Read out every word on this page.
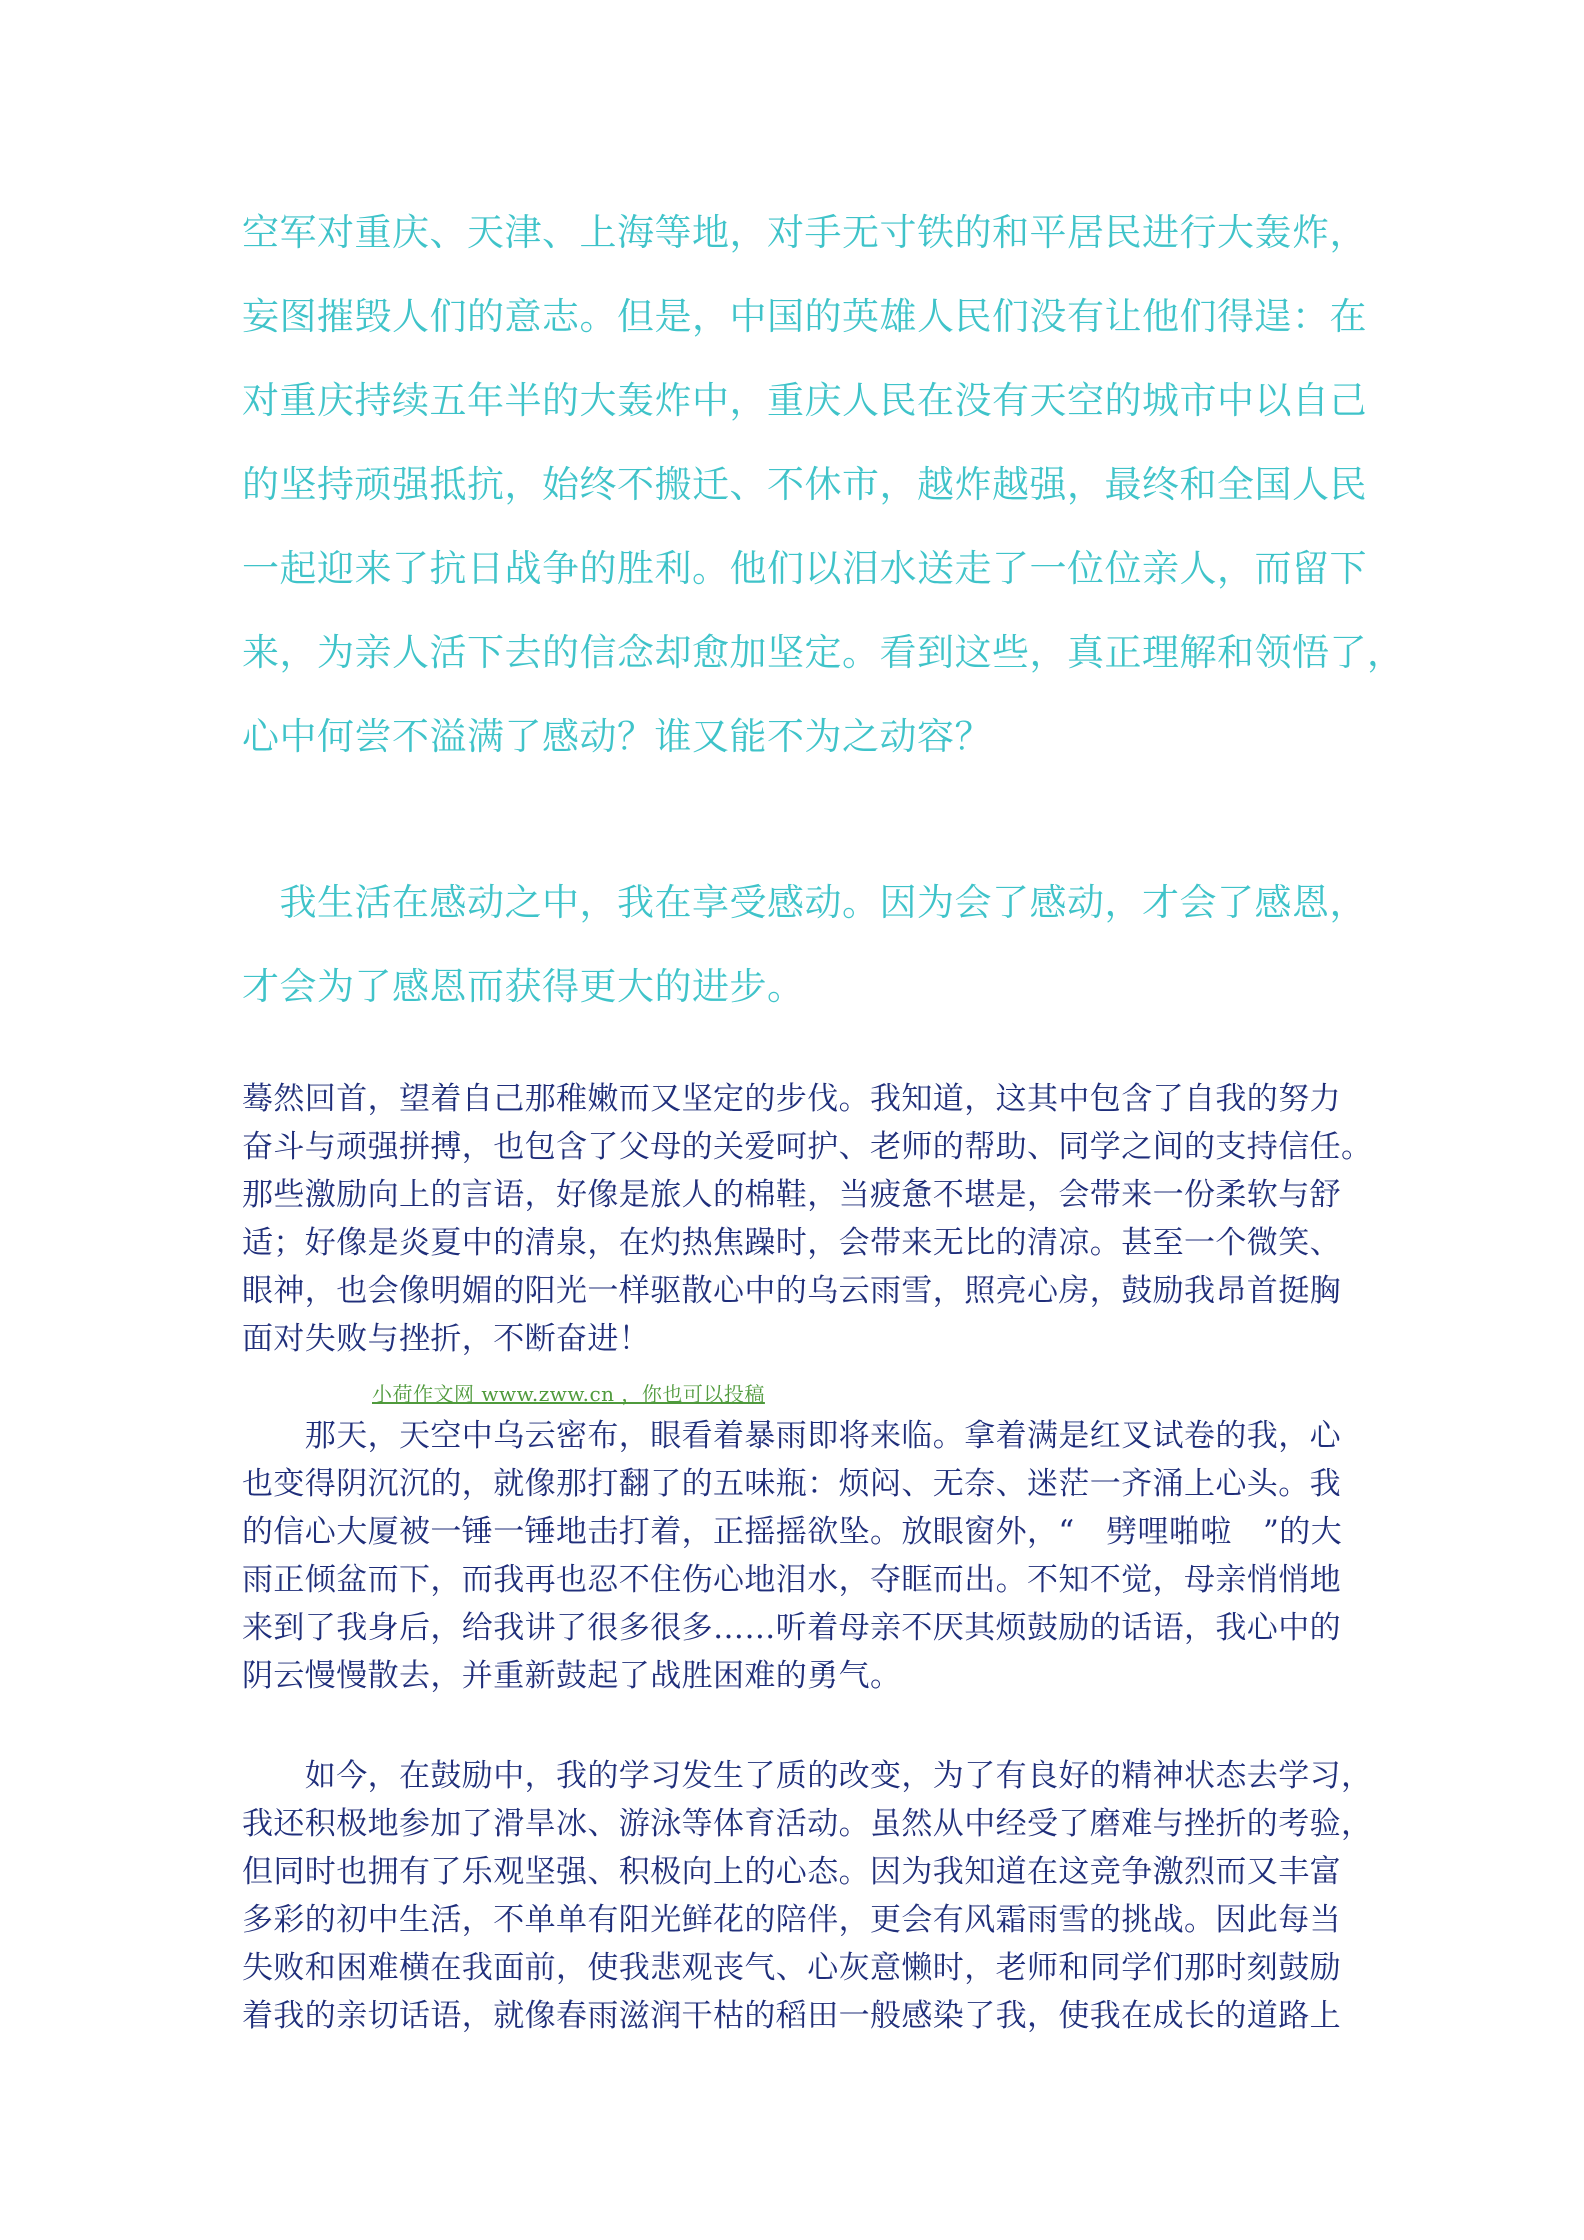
空军对重庆、天津、上海等地，对手无寸铁的和平居民进行大轰炸，
妄图摧毁人们的意志。但是，中国的英雄人民们没有让他们得逞：在
对重庆持续五年半的大轰炸中，重庆人民在没有天空的城市中以自己
的坚持顽强抵抗，始终不搬迁、不休市，越炸越强，最终和全国人民
一起迎来了抗日战争的胜利。他们以泪水送走了一位位亲人，而留下
来，为亲人活下去的信念却愈加坚定。看到这些，真正理解和领悟了，
心中何尝不溢满了感动？谁又能不为之动容？
　我生活在感动之中，我在享受感动。因为会了感动，才会了感恩，
才会为了感恩而获得更大的进步。
蓦然回首，望着自己那稚嫩而又坚定的步伐。我知道，这其中包含了自我的努力
奋斗与顽强拼搏，也包含了父母的关爱呵护、老师的帮助、同学之间的支持信任。
那些激励向上的言语，好像是旅人的棉鞋，当疲惫不堪是，会带来一份柔软与舒
适；好像是炎夏中的清泉，在灼热焦躁时，会带来无比的清凉。甚至一个微笑、
眼神，也会像明媚的阳光一样驱散心中的乌云雨雪，照亮心房，鼓励我昂首挺胸
面对失败与挫折，不断奋进！
小荷作文网 www.zww.cn ，你也可以投稿
　　那天，天空中乌云密布，眼看着暴雨即将来临。拿着满是红叉试卷的我，心
也变得阴沉沉的，就像那打翻了的五味瓶：烦闷、无奈、迷茫一齐涌上心头。我
的信心大厦被一锤一锤地击打着，正摇摇欲坠。放眼窗外，“　劈哩啪啦　”的大
雨正倾盆而下，而我再也忍不住伤心地泪水，夺眶而出。不知不觉，母亲悄悄地
来到了我身后，给我讲了很多很多……听着母亲不厌其烦鼓励的话语，我心中的
阴云慢慢散去，并重新鼓起了战胜困难的勇气。
　　如今，在鼓励中，我的学习发生了质的改变，为了有良好的精神状态去学习，
我还积极地参加了滑旱冰、游泳等体育活动。虽然从中经受了磨难与挫折的考验，
但同时也拥有了乐观坚强、积极向上的心态。因为我知道在这竞争激烈而又丰富
多彩的初中生活，不单单有阳光鲜花的陪伴，更会有风霜雨雪的挑战。因此每当
失败和困难横在我面前，使我悲观丧气、心灰意懒时，老师和同学们那时刻鼓励
着我的亲切话语，就像春雨滋润干枯的稻田一般感染了我，使我在成长的道路上
